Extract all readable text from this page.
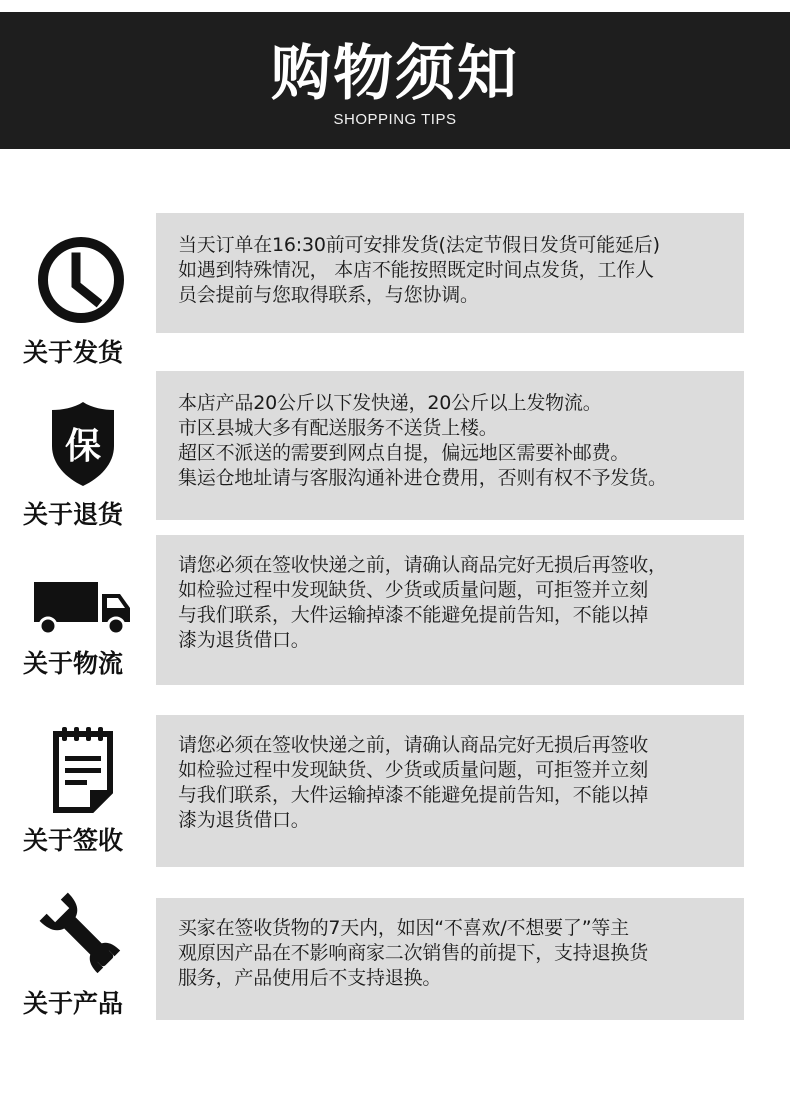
购物须知
SHOPPING TIPS
关于发货
当天订单在16:30前可安排发货(法定节假日发货可能延后)
如遇到特殊情况， 本店不能按照既定时间点发货，工作人
员会提前与您取得联系，与您协调。
保
关于退货
本店产品20公斤以下发快递，20公斤以上发物流。
市区县城大多有配送服务不送货上楼。
超区不派送的需要到网点自提，偏远地区需要补邮费。
集运仓地址请与客服沟通补进仓费用，否则有权不予发货。
关于物流
请您必须在签收快递之前，请确认商品完好无损后再签收，
如检验过程中发现缺货、少货或质量问题，可拒签并立刻
与我们联系，大件运输掉漆不能避免提前告知，不能以掉
漆为退货借口。
关于签收
请您必须在签收快递之前，请确认商品完好无损后再签收
如检验过程中发现缺货、少货或质量问题，可拒签并立刻
与我们联系，大件运输掉漆不能避免提前告知，不能以掉
漆为退货借口。
关于产品
买家在签收货物的7天内，如因“不喜欢/不想要了”等主
观原因产品在不影响商家二次销售的前提下，支持退换货
服务，产品使用后不支持退换。
